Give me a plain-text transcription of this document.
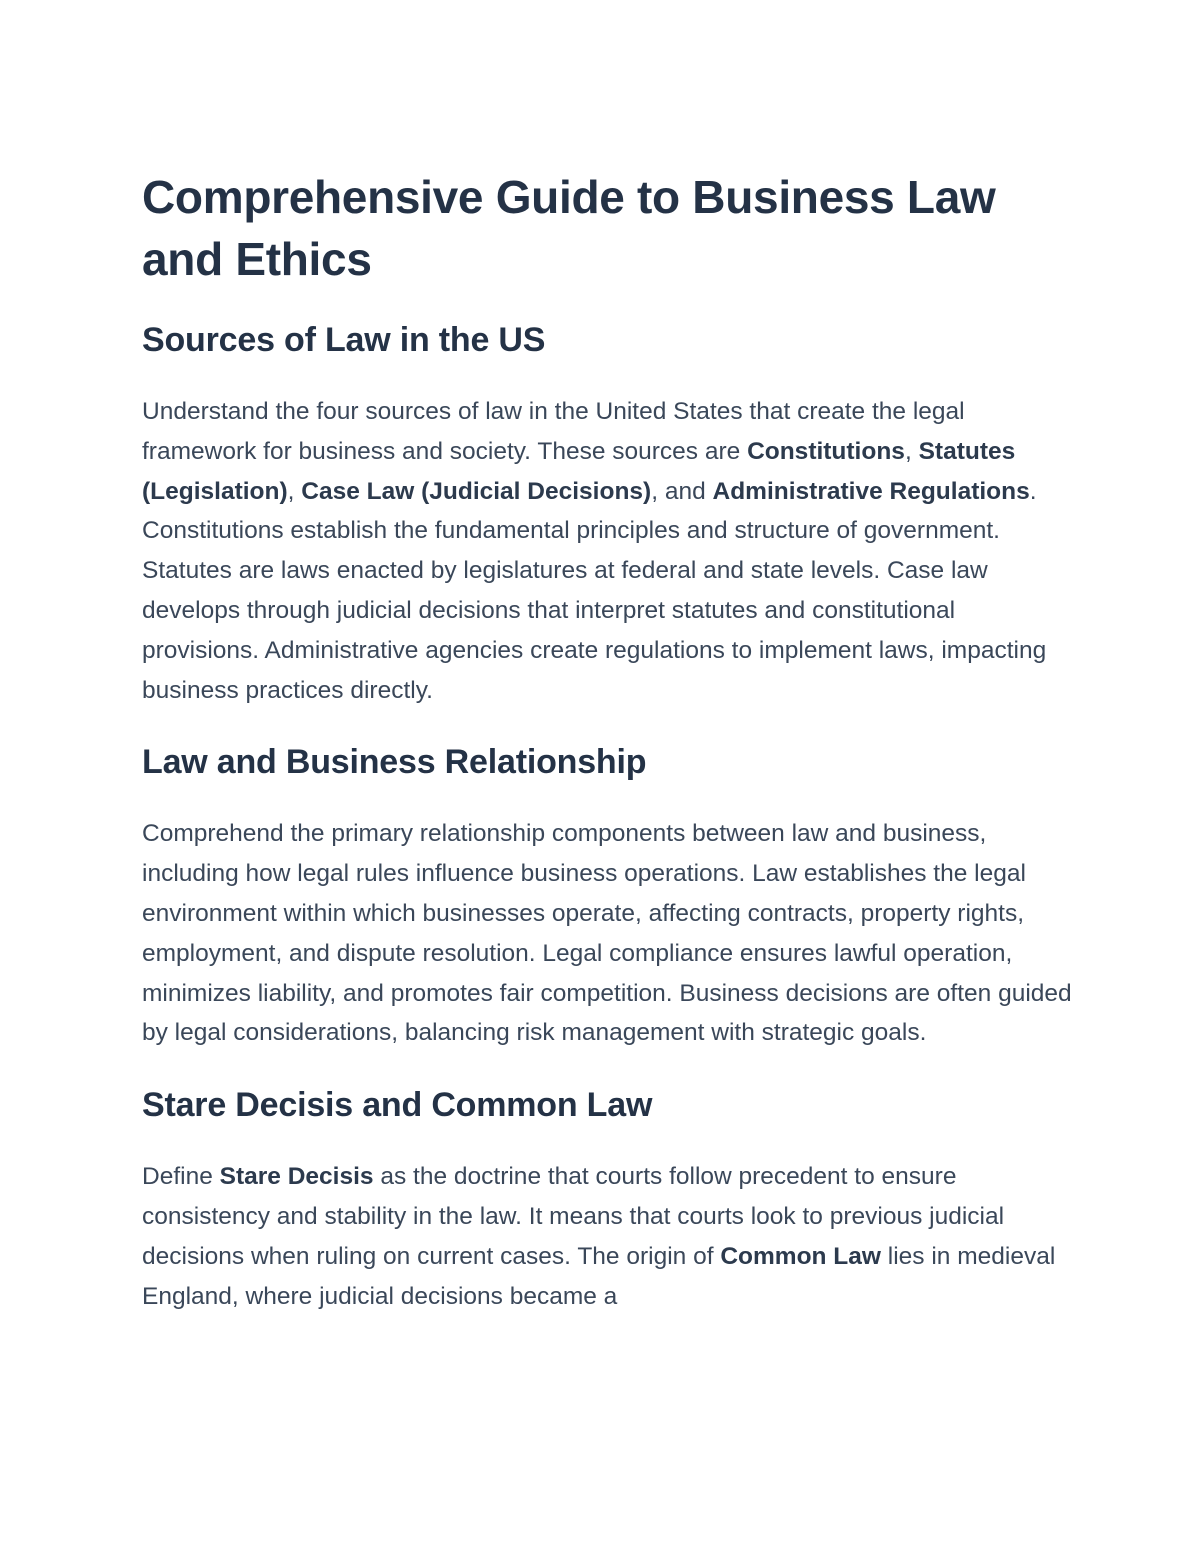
Comprehensive Guide to Business Law and Ethics
Sources of Law in the US

Understand the four sources of law in the United States that create the legal framework for business and society. These sources are Constitutions, Statutes (Legislation), Case Law (Judicial Decisions), and Administrative Regulations. Constitutions establish the fundamental principles and structure of government. Statutes are laws enacted by legislatures at federal and state levels. Case law develops through judicial decisions that interpret statutes and constitutional provisions. Administrative agencies create regulations to implement laws, impacting business practices directly.

Law and Business Relationship

Comprehend the primary relationship components between law and business, including how legal rules influence business operations. Law establishes the legal environment within which businesses operate, affecting contracts, property rights, employment, and dispute resolution. Legal compliance ensures lawful operation, minimizes liability, and promotes fair competition. Business decisions are often guided by legal considerations, balancing risk management with strategic goals.

Stare Decisis and Common Law

Define Stare Decisis as the doctrine that courts follow precedent to ensure consistency and stability in the law. It means that courts look to previous judicial decisions when ruling on current cases. The origin of Common Law lies in medieval England, where judicial decisions became a
